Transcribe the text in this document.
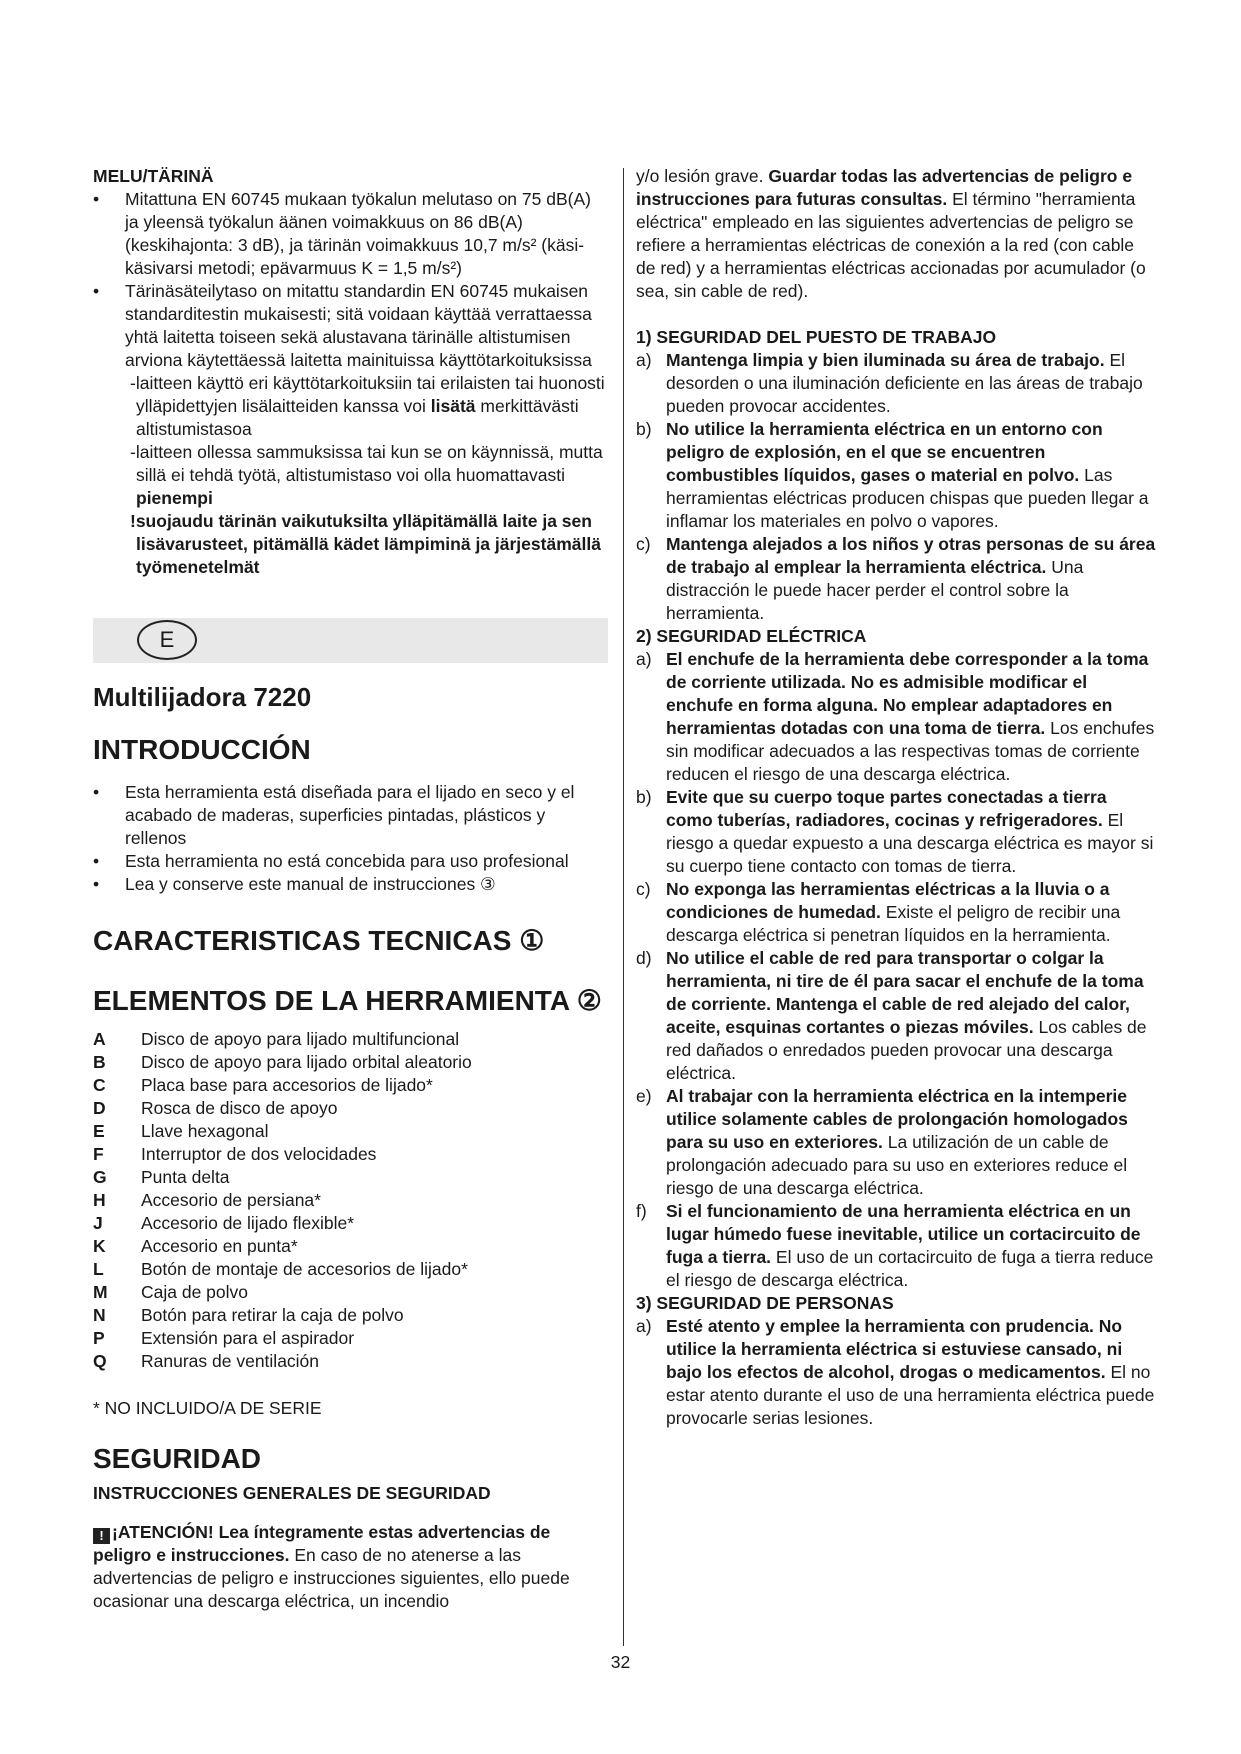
MELU/TÄRINÄ
• Mitattuna EN 60745 mukaan työkalun melutaso on 75 dB(A) ja yleensä työkalun äänen voimakkuus on 86 dB(A) (keskihajonta: 3 dB), ja tärinän voimakkuus 10,7 m/s² (käsi-käsivarsi metodi; epävarmuus K = 1,5 m/s²)
• Tärinäsäteilytaso on mitattu standardin EN 60745 mukaisen standarditestin mukaisesti; sitä voidaan käyttää verrattaessa yhtä laitetta toiseen sekä alustavana tärinälle altistumisen arviona käytettäessä laitetta mainituissa käyttötarkoituksissa
-laitteen käyttö eri käyttötarkoituksiin tai erilaisten tai huonosti ylläpidettyjen lisälaitteiden kanssa voi lisätä merkittävästi altistumistasoa
-laitteen ollessa sammuksissa tai kun se on käynnissä, mutta sillä ei tehdä työtä, altistumistaso voi olla huomattavasti pienempi
!suojaudu tärinän vaikutuksilta ylläpitämällä laite ja sen lisävarusteet, pitämällä kädet lämpiminä ja järjestämällä työmenetelmät
E
Multilijadora 7220
INTRODUCCIÓN
• Esta herramienta está diseñada para el lijado en seco y el acabado de maderas, superficies pintadas, plásticos y rellenos
• Esta herramienta no está concebida para uso profesional
• Lea y conserve este manual de instrucciones ③
CARACTERISTICAS TECNICAS ①
ELEMENTOS DE LA HERRAMIENTA ②
A	Disco de apoyo para lijado multifuncional
B	Disco de apoyo para lijado orbital aleatorio
C	Placa base para accesorios de lijado*
D	Rosca de disco de apoyo
E	Llave hexagonal
F	Interruptor de dos velocidades
G	Punta delta
H	Accesorio de persiana*
J	Accesorio de lijado flexible*
K	Accesorio en punta*
L	Botón de montaje de accesorios de lijado*
M	Caja de polvo
N	Botón para retirar la caja de polvo
P	Extensión para el aspirador
Q	Ranuras de ventilación
* NO INCLUIDO/A DE SERIE
SEGURIDAD
INSTRUCCIONES GENERALES DE SEGURIDAD
! ¡ATENCIÓN! Lea íntegramente estas advertencias de peligro e instrucciones. En caso de no atenerse a las advertencias de peligro e instrucciones siguientes, ello puede ocasionar una descarga eléctrica, un incendio
y/o lesión grave. Guardar todas las advertencias de peligro e instrucciones para futuras consultas. El término "herramienta eléctrica" empleado en las siguientes advertencias de peligro se refiere a herramientas eléctricas de conexión a la red (con cable de red) y a herramientas eléctricas accionadas por acumulador (o sea, sin cable de red).
1) SEGURIDAD DEL PUESTO DE TRABAJO
a) Mantenga limpia y bien iluminada su área de trabajo. El desorden o una iluminación deficiente en las áreas de trabajo pueden provocar accidentes.
b) No utilice la herramienta eléctrica en un entorno con peligro de explosión, en el que se encuentren combustibles líquidos, gases o material en polvo. Las herramientas eléctricas producen chispas que pueden llegar a inflamar los materiales en polvo o vapores.
c) Mantenga alejados a los niños y otras personas de su área de trabajo al emplear la herramienta eléctrica. Una distracción le puede hacer perder el control sobre la herramienta.
2) SEGURIDAD ELÉCTRICA
a) El enchufe de la herramienta debe corresponder a la toma de corriente utilizada. No es admisible modificar el enchufe en forma alguna. No emplear adaptadores en herramientas dotadas con una toma de tierra. Los enchufes sin modificar adecuados a las respectivas tomas de corriente reducen el riesgo de una descarga eléctrica.
b) Evite que su cuerpo toque partes conectadas a tierra como tuberías, radiadores, cocinas y refrigeradores. El riesgo a quedar expuesto a una descarga eléctrica es mayor si su cuerpo tiene contacto con tomas de tierra.
c) No exponga las herramientas eléctricas a la lluvia o a condiciones de humedad. Existe el peligro de recibir una descarga eléctrica si penetran líquidos en la herramienta.
d) No utilice el cable de red para transportar o colgar la herramienta, ni tire de él para sacar el enchufe de la toma de corriente. Mantenga el cable de red alejado del calor, aceite, esquinas cortantes o piezas móviles. Los cables de red dañados o enredados pueden provocar una descarga eléctrica.
e) Al trabajar con la herramienta eléctrica en la intemperie utilice solamente cables de prolongación homologados para su uso en exteriores. La utilización de un cable de prolongación adecuado para su uso en exteriores reduce el riesgo de una descarga eléctrica.
f)	Si el funcionamiento de una herramienta eléctrica en un lugar húmedo fuese inevitable, utilice un cortacircuito de fuga a tierra. El uso de un cortacircuito de fuga a tierra reduce el riesgo de descarga eléctrica.
3) SEGURIDAD DE PERSONAS
a) Esté atento y emplee la herramienta con prudencia. No utilice la herramienta eléctrica si estuviese cansado, ni bajo los efectos de alcohol, drogas o medicamentos. El no estar atento durante el uso de una herramienta eléctrica puede provocarle serias lesiones.
32
